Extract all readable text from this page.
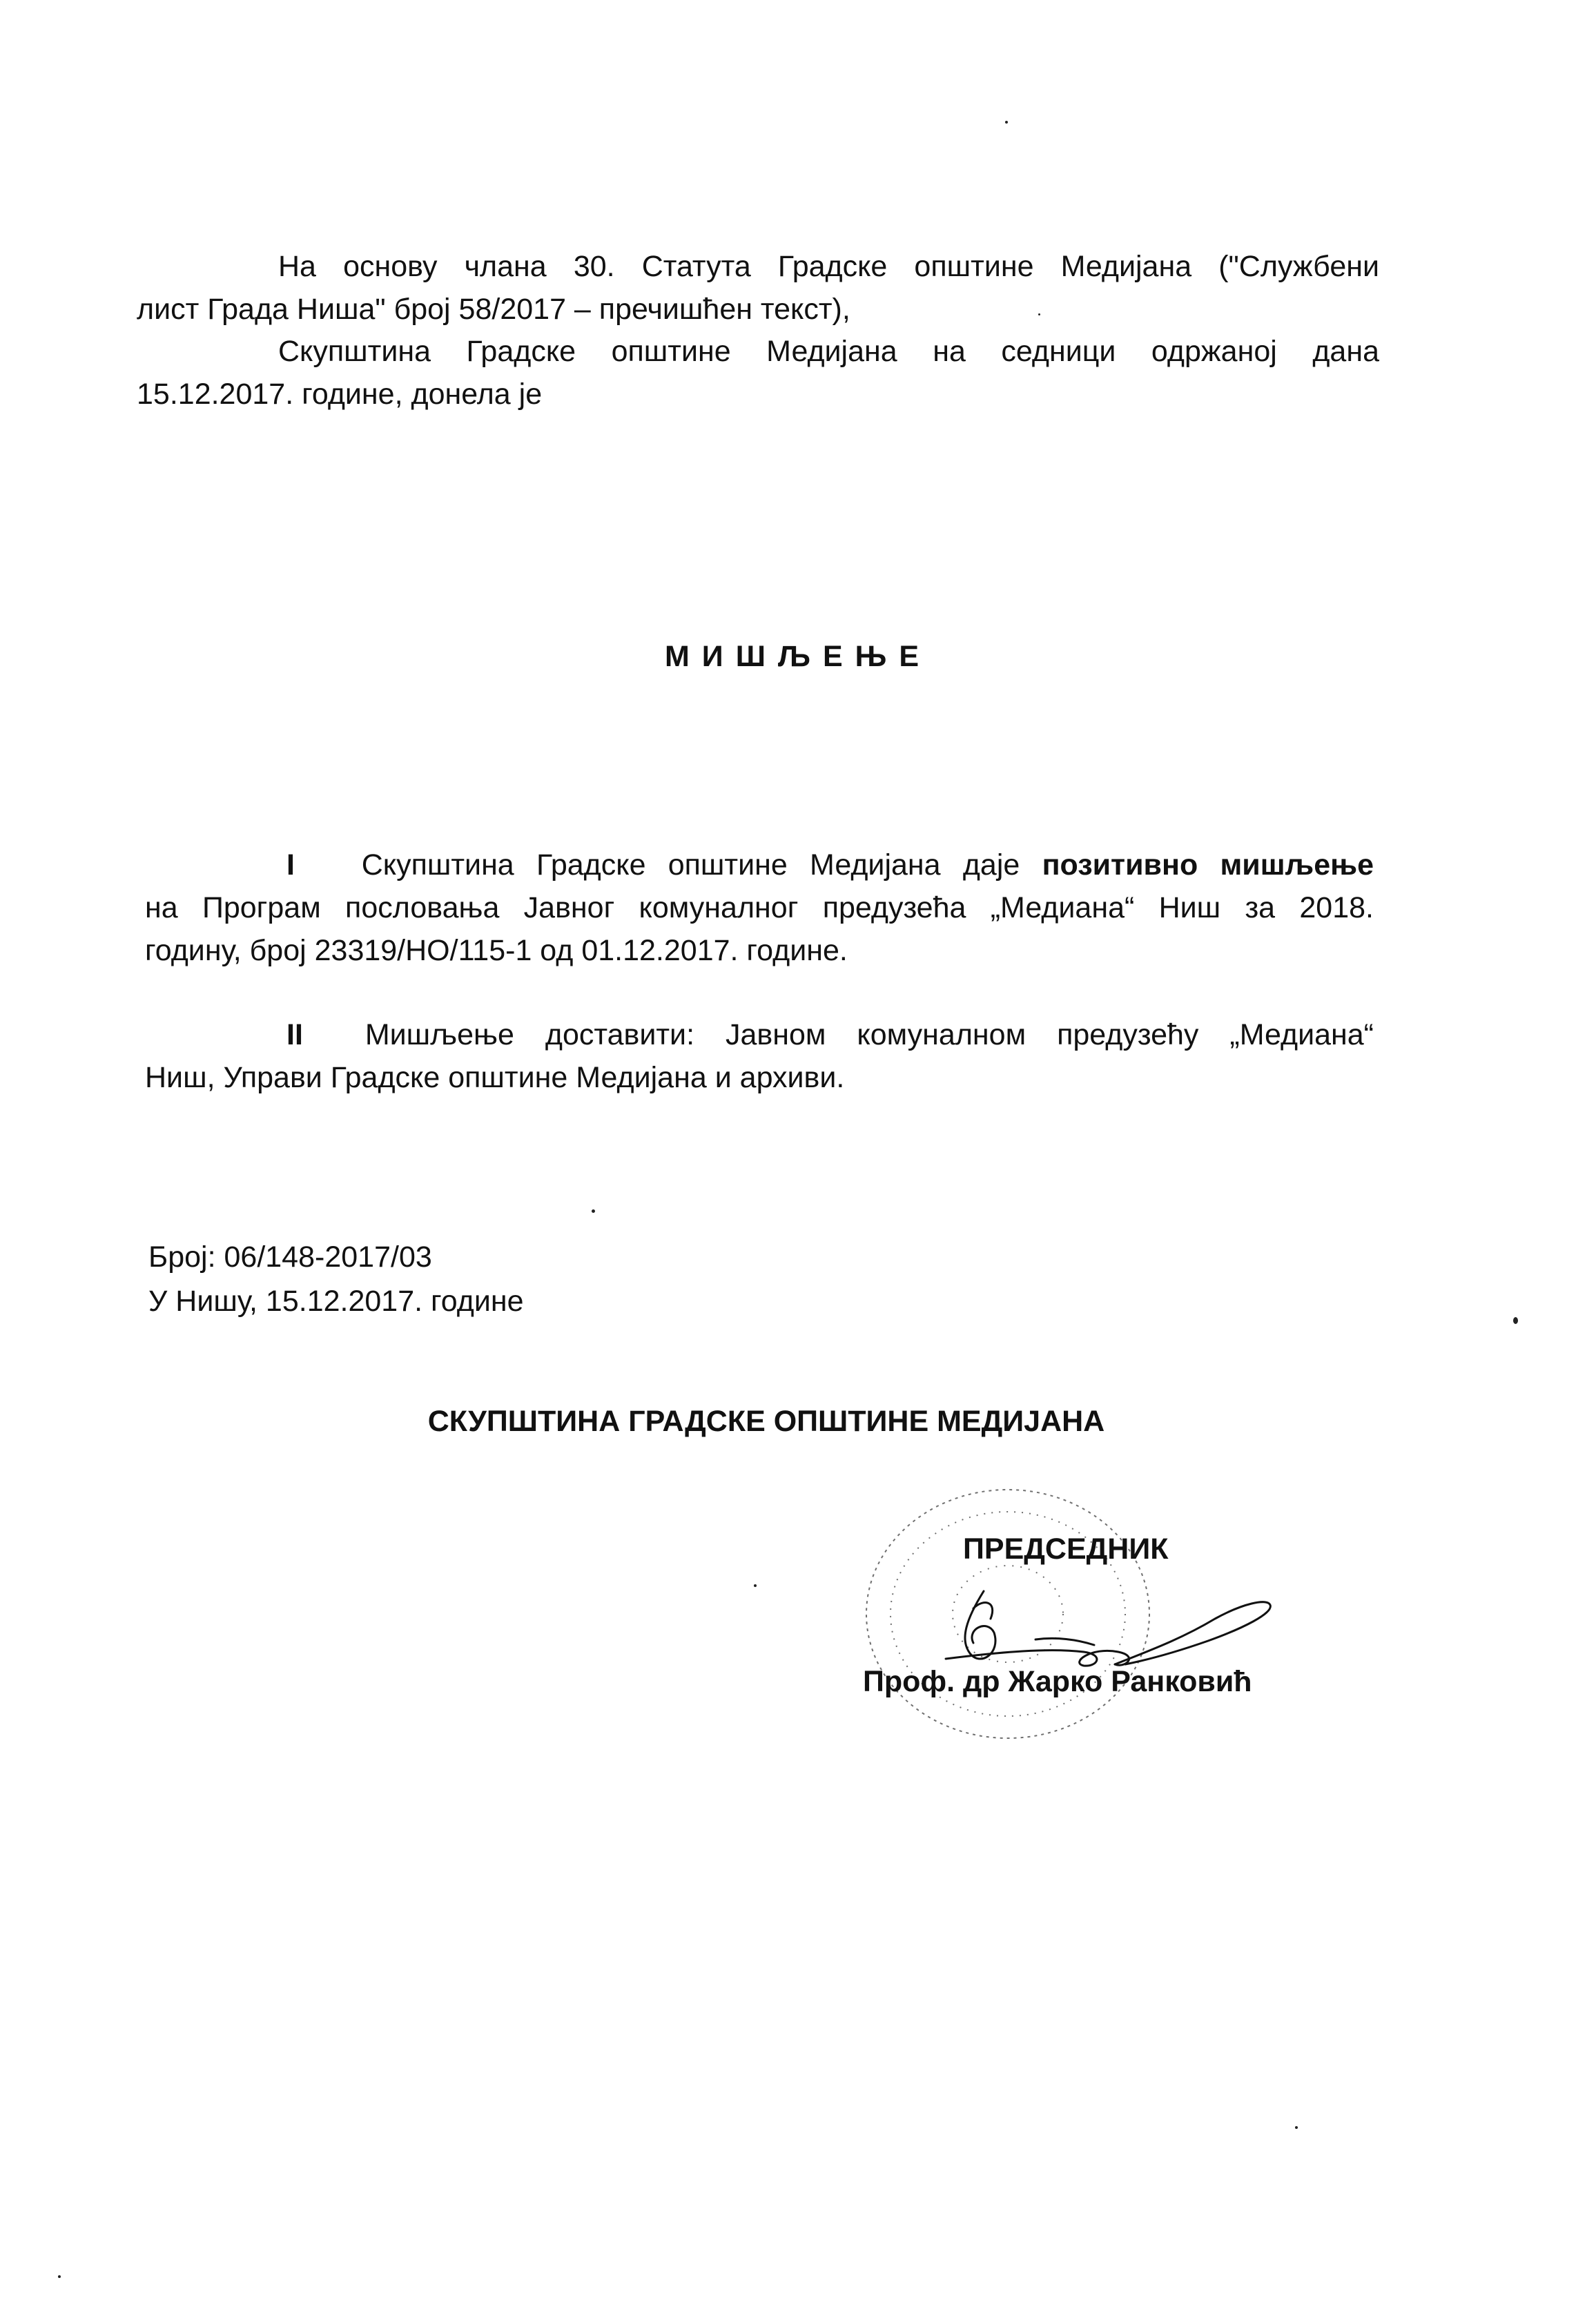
На основу члана 30. Статута Градске општине Медијана ("Службени
лист Града Ниша" број 58/2017 – пречишћен текст),
Скупштина Градске општине Медијана на седници одржаној дана
15.12.2017. године, донела је
МИШЉЕЊЕ
I Скупштина Градске општине Медијана даје позитивно мишљење
на Програм пословања Јавног комуналног предузећа „Медиана“ Ниш за 2018.
годину, број 23319/НО/115-1 од 01.12.2017. године.
II Мишљење доставити: Јавном комуналном предузећу „Медиана“
Ниш, Управи Градске општине Медијана и архиви.
Број: 06/148-2017/03
У Нишу, 15.12.2017. године
СКУПШТИНА ГРАДСКЕ ОПШТИНЕ МЕДИЈАНА
ПРЕДСЕДНИК
Проф. др Жарко Ранковић
